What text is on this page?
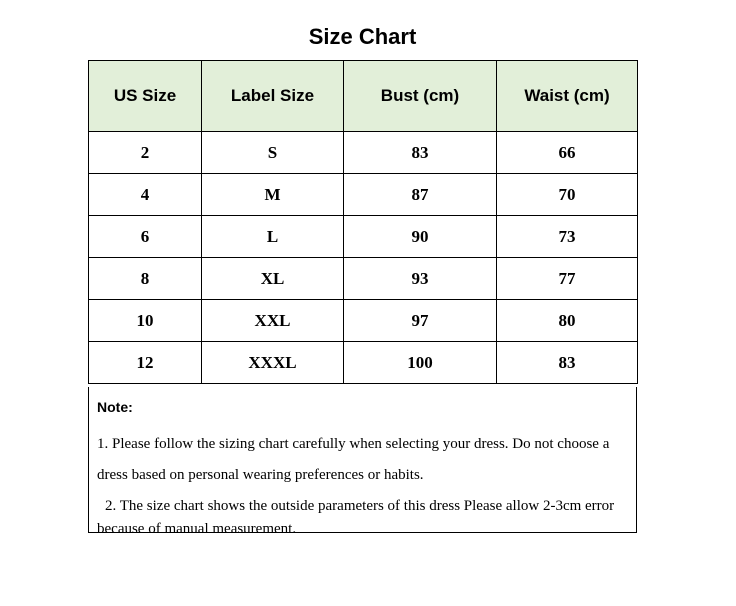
Size Chart
US Size	Label Size	Bust (cm)	Waist (cm)
2	S	83	66
4	M	87	70
6	L	90	73
8	XL	93	77
10	XXL	97	80
12	XXXL	100	83
Note:

1. Please follow the sizing chart carefully when selecting your dress. Do not choose a dress based on personal wearing preferences or habits.

2. The size chart shows the outside parameters of this dress Please allow 2-3cm error because of manual measurement.
